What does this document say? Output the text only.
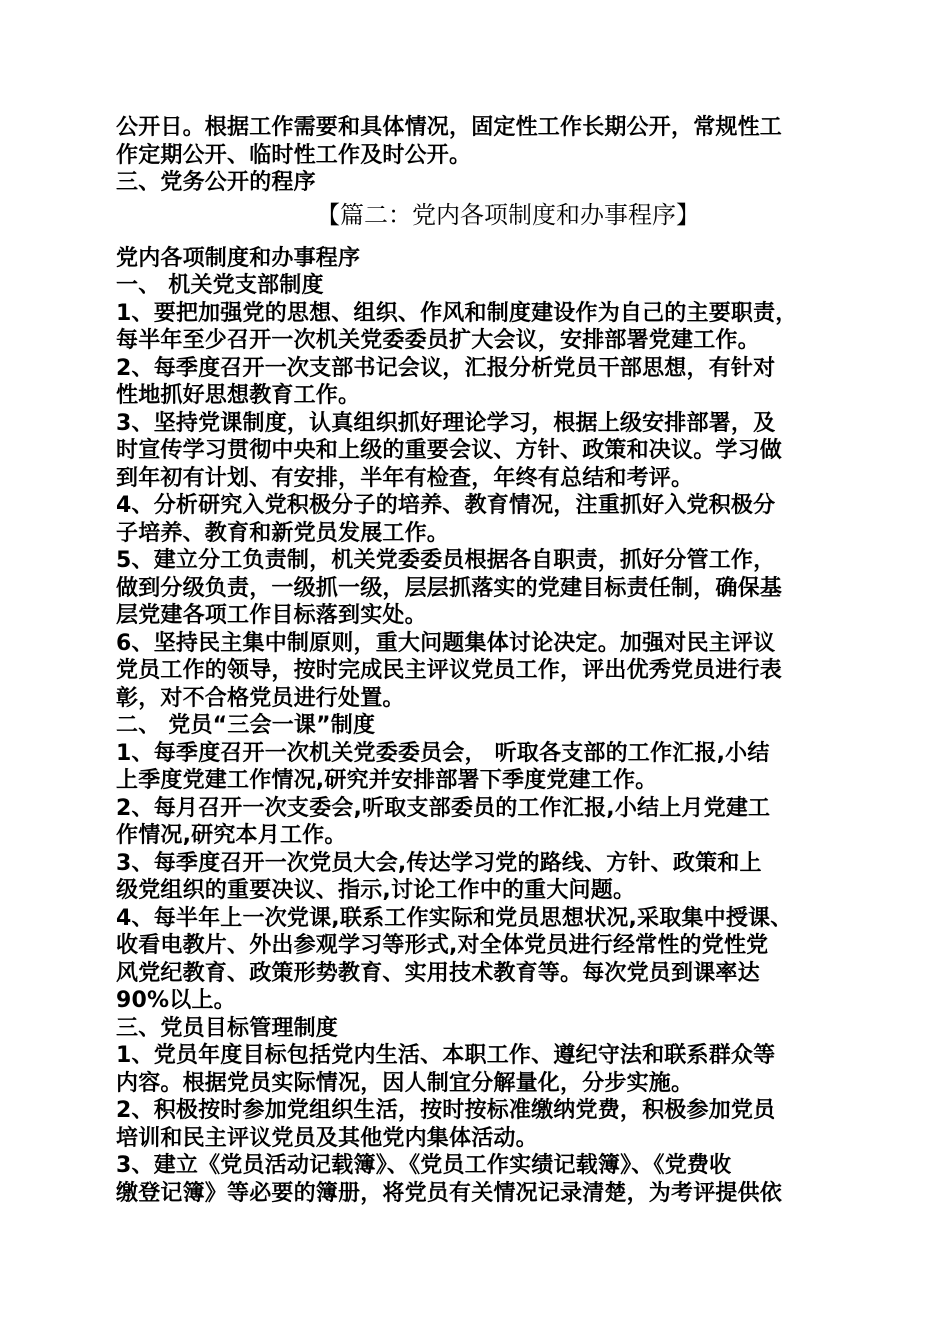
公开日。根据工作需要和具体情况，固定性工作长期公开，常规性工
作定期公开、临时性工作及时公开。
三、党务公开的程序
【篇二：党内各项制度和办事程序】
党内各项制度和办事程序
一、 机关党支部制度
1、要把加强党的思想、组织、作风和制度建设作为自己的主要职责，
每半年至少召开一次机关党委委员扩大会议，安排部署党建工作。
2、每季度召开一次支部书记会议，汇报分析党员干部思想，有针对
性地抓好思想教育工作。
3、坚持党课制度，认真组织抓好理论学习，根据上级安排部署，及
时宣传学习贯彻中央和上级的重要会议、方针、政策和决议。学习做
到年初有计划、有安排，半年有检查，年终有总结和考评。
4、分析研究入党积极分子的培养、教育情况，注重抓好入党积极分
子培养、教育和新党员发展工作。
5、建立分工负责制，机关党委委员根据各自职责，抓好分管工作，
做到分级负责，一级抓一级，层层抓落实的党建目标责任制，确保基
层党建各项工作目标落到实处。
6、坚持民主集中制原则，重大问题集体讨论决定。加强对民主评议
党员工作的领导，按时完成民主评议党员工作，评出优秀党员进行表
彰，对不合格党员进行处置。
二、 党员“三会一课”制度
1、每季度召开一次机关党委委员会， 听取各支部的工作汇报,小结
上季度党建工作情况,研究并安排部署下季度党建工作。
2、每月召开一次支委会,听取支部委员的工作汇报,小结上月党建工
作情况,研究本月工作。
3、每季度召开一次党员大会,传达学习党的路线、方针、政策和上
级党组织的重要决议、指示,讨论工作中的重大问题。
4、每半年上一次党课,联系工作实际和党员思想状况,采取集中授课、
收看电教片、外出参观学习等形式,对全体党员进行经常性的党性党
风党纪教育、政策形势教育、实用技术教育等。每次党员到课率达
90%以上。
三、党员目标管理制度
1、党员年度目标包括党内生活、本职工作、遵纪守法和联系群众等
内容。根据党员实际情况，因人制宜分解量化，分步实施。
2、积极按时参加党组织生活，按时按标准缴纳党费，积极参加党员
培训和民主评议党员及其他党内集体活动。
3、建立《党员活动记载簿》、《党员工作实绩记载簿》、《党费收
缴登记簿》等必要的簿册，将党员有关情况记录清楚，为考评提供依
